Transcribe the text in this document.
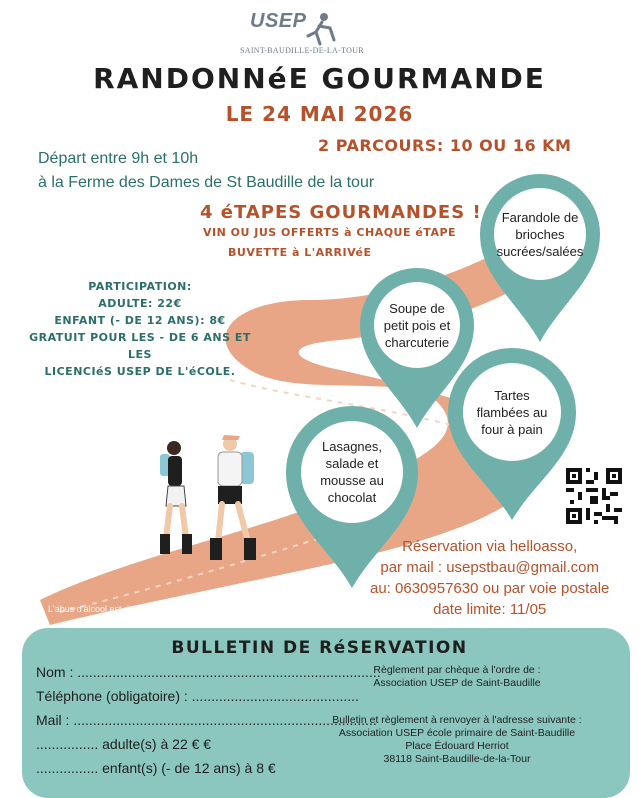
USEP
SAINT-BAUDILLE-DE-LA-TOUR
RANDONNéE GOURMANDE
LE 24 MAI 2026
2 PARCOURS: 10 OU 16 KM
Départ entre 9h et 10h
à la Ferme des Dames de St Baudille de la tour
4 éTAPES GOURMANDES !
VIN OU JUS OFFERTS à CHAQUE éTAPE
BUVETTE à L'ARRIVéE
PARTICIPATION:
ADULTE: 22€
ENFANT (- DE 12 ANS): 8€
GRATUIT POUR LES - DE 6 ANS ET LES
LICENCIéS USEP DE L'éCOLE.
Farandole de
brioches
sucrées/salées
Soupe de
petit pois et
charcuterie
Tartes
flambées au
four à pain
Lasagnes,
salade et
mousse au
chocolat
Réservation via helloasso,
par mail : usepstbau@gmail.com
au: 0630957630 ou par voie postale
date limite: 11/05
L'abus d'alcool est dangereux pour la santé, à consommer avec modération.
BULLETIN DE RéSERVATION
Nom : ..............................................................................
Téléphone (obligatoire) : ...........................................
Mail : ..............................................................................
................ adulte(s) à 22 € €
................ enfant(s) (- de 12 ans) à 8 €
Règlement par chèque à l'ordre de :
Association USEP de Saint-Baudille
Bulletin et règlement à renvoyer à l'adresse suivante :
Association USEP école primaire de Saint-Baudille
Place Édouard Herriot
38118 Saint-Baudille-de-la-Tour
